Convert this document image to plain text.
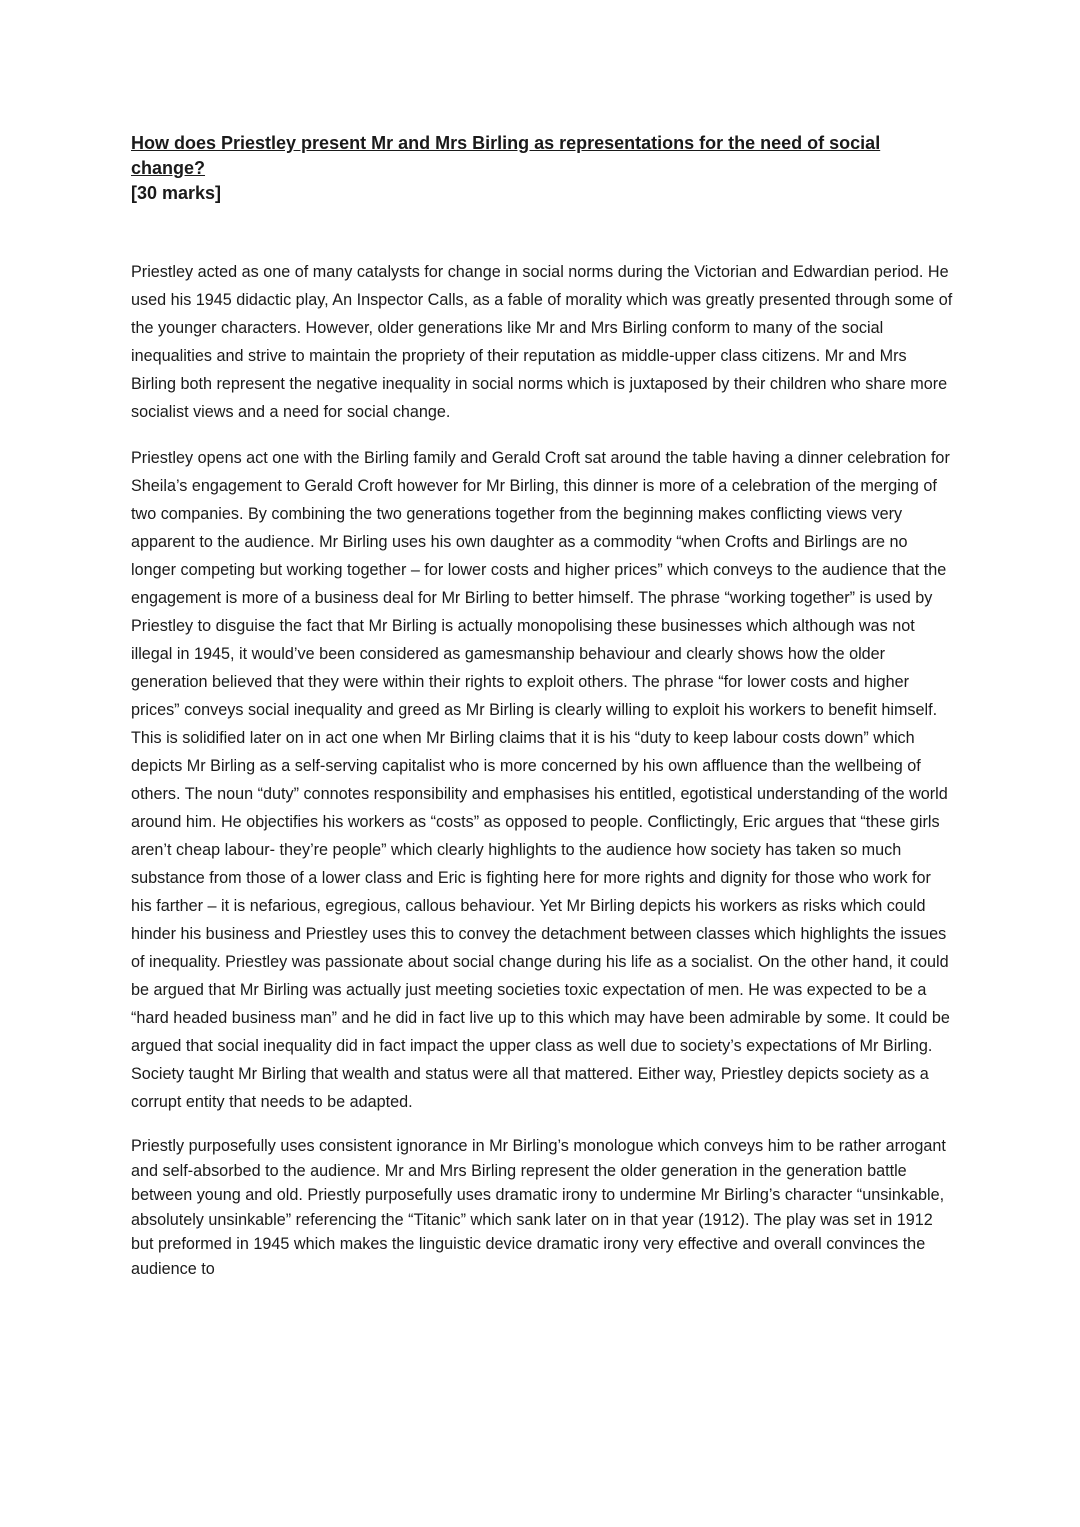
How does Priestley present Mr and Mrs Birling as representations for the need of social change?

[30 marks]

Priestley acted as one of many catalysts for change in social norms during the Victorian and Edwardian period. He used his 1945 didactic play, An Inspector Calls, as a fable of morality which was greatly presented through some of the younger characters. However, older generations like Mr and Mrs Birling conform to many of the social inequalities and strive to maintain the propriety of their reputation as middle-upper class citizens. Mr and Mrs Birling both represent the negative inequality in social norms which is juxtaposed by their children who share more socialist views and a need for social change.

Priestley opens act one with the Birling family and Gerald Croft sat around the table having a dinner celebration for Sheila’s engagement to Gerald Croft however for Mr Birling, this dinner is more of a celebration of the merging of two companies. By combining the two generations together from the beginning makes conflicting views very apparent to the audience. Mr Birling uses his own daughter as a commodity “when Crofts and Birlings are no longer competing but working together – for lower costs and higher prices” which conveys to the audience that the engagement is more of a business deal for Mr Birling to better himself. The phrase “working together” is used by Priestley to disguise the fact that Mr Birling is actually monopolising these businesses which although was not illegal in 1945, it would’ve been considered as gamesmanship behaviour and clearly shows how the older generation believed that they were within their rights to exploit others. The phrase “for lower costs and higher prices” conveys social inequality and greed as Mr Birling is clearly willing to exploit his workers to benefit himself. This is solidified later on in act one when Mr Birling claims that it is his “duty to keep labour costs down” which depicts Mr Birling as a self-serving capitalist who is more concerned by his own affluence than the wellbeing of others. The noun “duty” connotes responsibility and emphasises his entitled, egotistical understanding of the world around him. He objectifies his workers as “costs” as opposed to people. Conflictingly, Eric argues that “these girls aren’t cheap labour- they’re people” which clearly highlights to the audience how society has taken so much substance from those of a lower class and Eric is fighting here for more rights and dignity for those who work for his farther – it is nefarious, egregious, callous behaviour. Yet Mr Birling depicts his workers as risks which could hinder his business and Priestley uses this to convey the detachment between classes which highlights the issues of inequality. Priestley was passionate about social change during his life as a socialist. On the other hand, it could be argued that Mr Birling was actually just meeting societies toxic expectation of men. He was expected to be a “hard headed business man” and he did in fact live up to this which may have been admirable by some. It could be argued that social inequality did in fact impact the upper class as well due to society’s expectations of Mr Birling. Society taught Mr Birling that wealth and status were all that mattered. Either way, Priestley depicts society as a corrupt entity that needs to be adapted.

Priestly purposefully uses consistent ignorance in Mr Birling’s monologue which conveys him to be rather arrogant and self-absorbed to the audience. Mr and Mrs Birling represent the older generation in the generation battle between young and old. Priestly purposefully uses dramatic irony to undermine Mr Birling’s character “unsinkable, absolutely unsinkable” referencing the “Titanic” which sank later on in that year (1912). The play was set in 1912 but preformed in 1945 which makes the linguistic device dramatic irony very effective and overall convinces the audience to
